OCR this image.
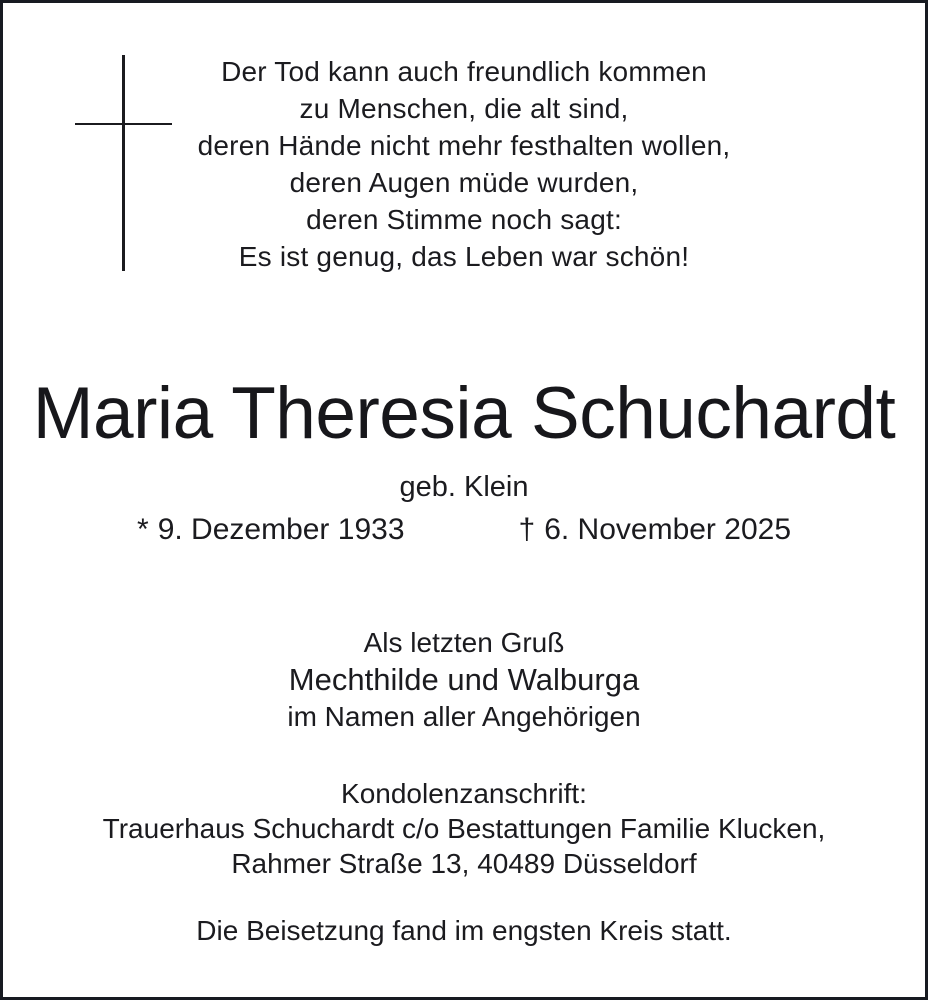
Der Tod kann auch freundlich kommen
zu Menschen, die alt sind,
deren Hände nicht mehr festhalten wollen,
deren Augen müde wurden,
deren Stimme noch sagt:
Es ist genug, das Leben war schön!
Maria Theresia Schuchardt
geb. Klein
* 9. Dezember 1933	† 6. November 2025
Als letzten Gruß
Mechthilde und Walburga
im Namen aller Angehörigen
Kondolenzanschrift:
Trauerhaus Schuchardt c/o Bestattungen Familie Klucken,
Rahmer Straße 13, 40489 Düsseldorf
Die Beisetzung fand im engsten Kreis statt.
